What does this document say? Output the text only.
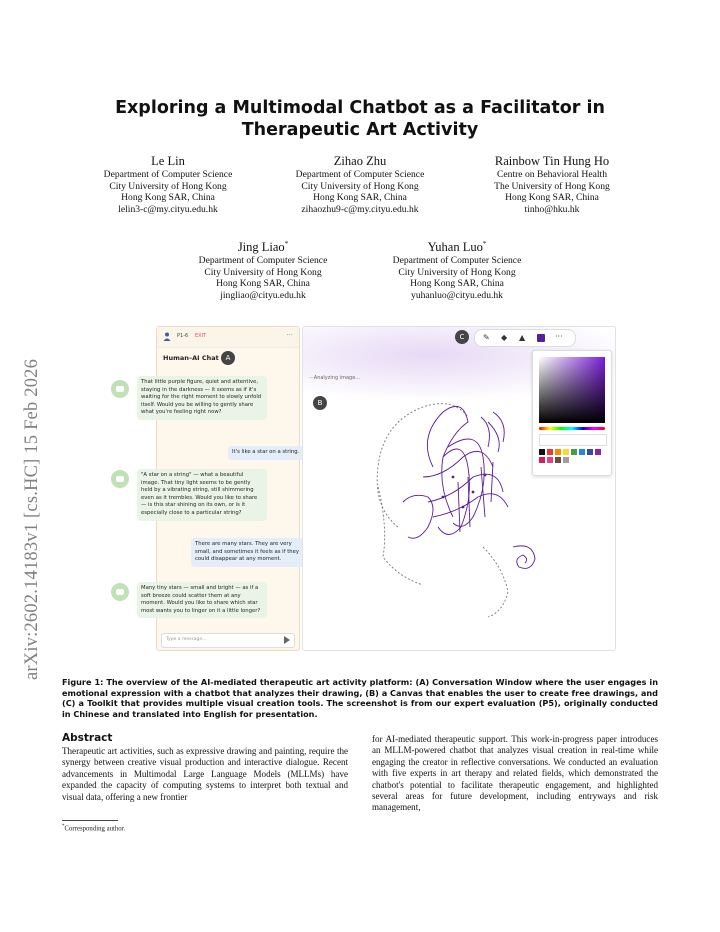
arXiv:2602.14183v1 [cs.HC] 15 Feb 2026
Exploring a Multimodal Chatbot as a Facilitator in Therapeutic Art Activity
Le Lin
Department of Computer Science
City University of Hong Kong
Hong Kong SAR, China
lelin3-c@my.cityu.edu.hk
Zihao Zhu
Department of Computer Science
City University of Hong Kong
Hong Kong SAR, China
zihaozhu9-c@my.cityu.edu.hk
Rainbow Tin Hung Ho
Centre on Behavioral Health
The University of Hong Kong
Hong Kong SAR, China
tinho@hku.hk
Jing Liao*
Department of Computer Science
City University of Hong Kong
Hong Kong SAR, China
jingliao@cityu.edu.hk
Yuhan Luo*
Department of Computer Science
City University of Hong Kong
Hong Kong SAR, China
yuhanluo@cityu.edu.hk
P1-6 EXIT	···
Human–AI Chat A
Type a message...
That little purple figure, quiet and attentive, staying in the darkness — it seems as if it's waiting for the right moment to slowly unfold itself. Would you be willing to gently share what you're feeling right now?
It's like a star on a string.
"A star on a string" — what a beautiful image. That tiny light seems to be gently held by a vibrating string, still shimmering even as it trembles. Would you like to share — is this star shining on its own, or is it especially close to a particular string?
There are many stars. They are very small, and sometimes it feels as if they could disappear at any moment.
Many tiny stars — small and bright — as if a soft breeze could scatter them at any moment. Would you like to share which star most wants you to linger on it a little longer?
···Analyzing image...
B
C	✎ ◆ ▲	···
Figure 1: The overview of the AI-mediated therapeutic art activity platform: (A) Conversation Window where the user engages in emotional expression with a chatbot that analyzes their drawing, (B) a Canvas that enables the user to create free drawings, and (C) a Toolkit that provides multiple visual creation tools. The screenshot is from our expert evaluation (P5), originally conducted in Chinese and translated into English for presentation.
Abstract
Therapeutic art activities, such as expressive drawing and painting, require the synergy between creative visual production and interactive dialogue. Recent advancements in Multimodal Large Language Models (MLLMs) have expanded the capacity of computing systems to interpret both textual and visual data, offering a new frontier
for AI-mediated therapeutic support. This work-in-progress paper introduces an MLLM-powered chatbot that analyzes visual creation in real-time while engaging the creator in reflective conversations. We conducted an evaluation with five experts in art therapy and related fields, which demonstrated the chatbot's potential to facilitate therapeutic engagement, and highlighted several areas for future development, including entryways and risk management,
*Corresponding author.
